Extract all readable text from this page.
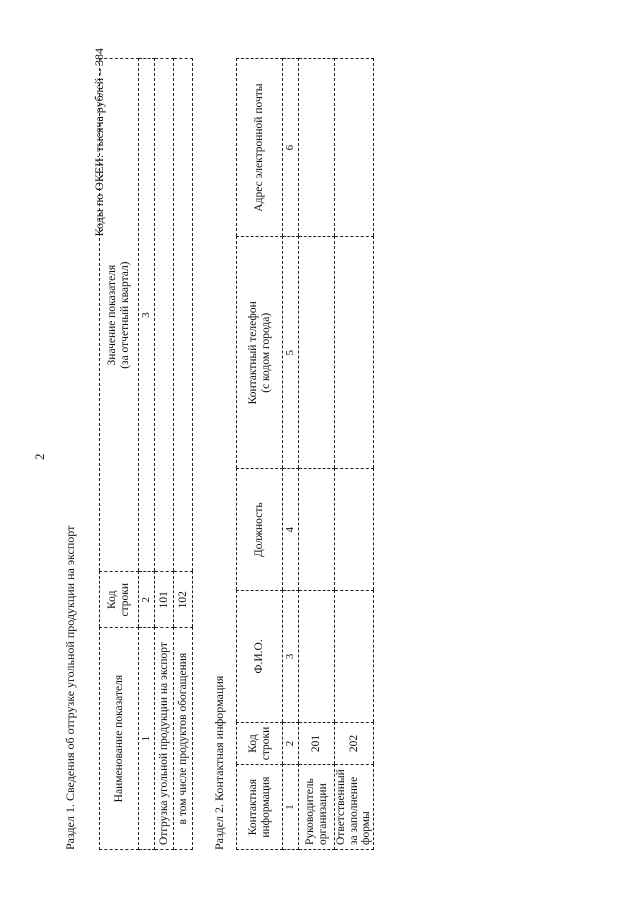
2
Коды по ОКЕИ: тысяча рублей – 384
Раздел 1. Сведения об отгрузке угольной продукции на экспорт	Наименование показателя	Код строки	Значение показателя
(за отчетный квартал)
1	2	3
Отгрузка угольной продукции на экспорт	101	
в том числе продуктов обогащения	102	
Раздел 2. Контактная информация Контактная информация	Код строки	Ф.И.О.	Должность	Контактный телефон
(с кодом города)	Адрес электронной почты
1	2	3	4	5	6
Руководитель организации	201				
Ответственный за заполнение формы	202				
